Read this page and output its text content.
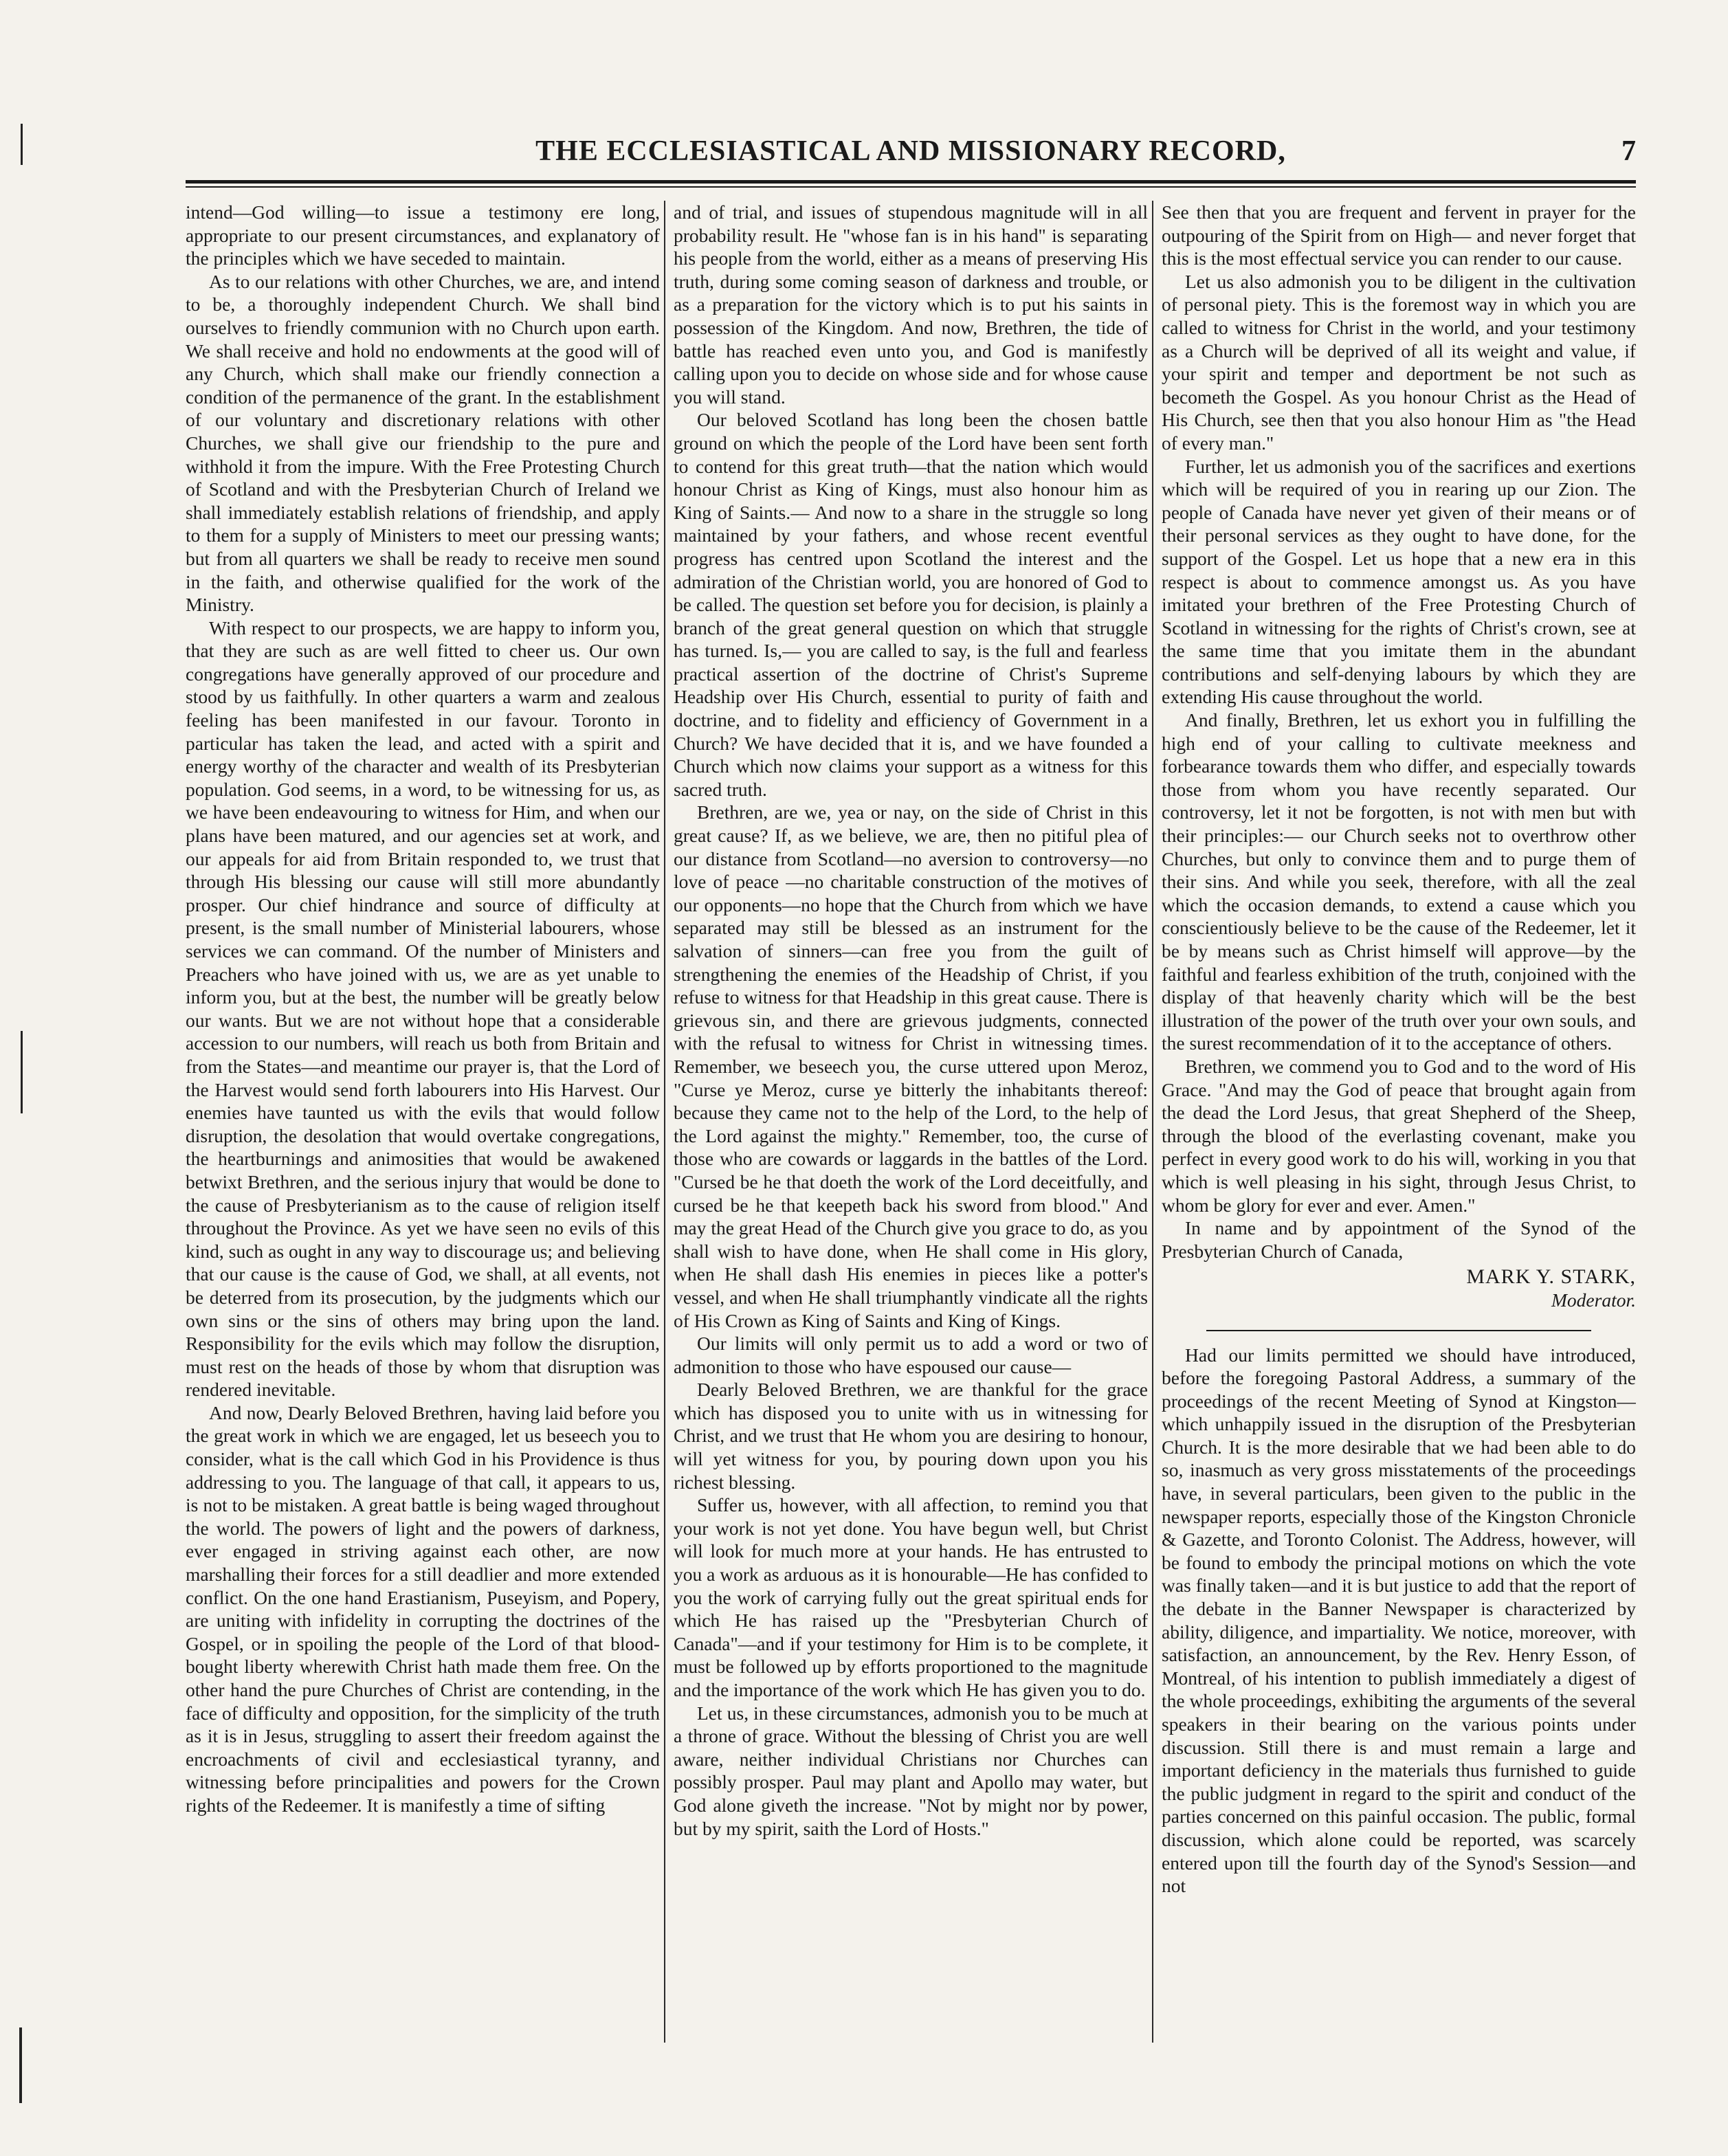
THE ECCLESIASTICAL AND MISSIONARY RECORD,	7

intend—God willing—to issue a testimony ere long, appropriate to our present circumstances, and explanatory of the principles which we have seceded to maintain.

As to our relations with other Churches, we are, and intend to be, a thoroughly independent Church. We shall bind ourselves to friendly communion with no Church upon earth. We shall receive and hold no endowments at the good will of any Church, which shall make our friendly connection a condition of the permanence of the grant. In the establishment of our voluntary and discretionary relations with other Churches, we shall give our friendship to the pure and withhold it from the impure. With the Free Protesting Church of Scotland and with the Presbyterian Church of Ireland we shall immediately establish relations of friendship, and apply to them for a supply of Ministers to meet our pressing wants; but from all quarters we shall be ready to receive men sound in the faith, and otherwise qualified for the work of the Ministry.

With respect to our prospects, we are happy to inform you, that they are such as are well fitted to cheer us. Our own congregations have generally approved of our procedure and stood by us faithfully. In other quarters a warm and zealous feeling has been manifested in our favour. Toronto in particular has taken the lead, and acted with a spirit and energy worthy of the character and wealth of its Presbyterian population. God seems, in a word, to be witnessing for us, as we have been endeavouring to witness for Him, and when our plans have been matured, and our agencies set at work, and our appeals for aid from Britain responded to, we trust that through His blessing our cause will still more abundantly prosper. Our chief hindrance and source of difficulty at present, is the small number of Ministerial labourers, whose services we can command. Of the number of Ministers and Preachers who have joined with us, we are as yet unable to inform you, but at the best, the number will be greatly below our wants. But we are not without hope that a considerable accession to our numbers, will reach us both from Britain and from the States—and meantime our prayer is, that the Lord of the Harvest would send forth labourers into His Harvest. Our enemies have taunted us with the evils that would follow disruption, the desolation that would overtake congregations, the heartburnings and animosities that would be awakened betwixt Brethren, and the serious injury that would be done to the cause of Presbyterianism as to the cause of religion itself throughout the Province. As yet we have seen no evils of this kind, such as ought in any way to discourage us; and believing that our cause is the cause of God, we shall, at all events, not be deterred from its prosecution, by the judgments which our own sins or the sins of others may bring upon the land. Responsibility for the evils which may follow the disruption, must rest on the heads of those by whom that disruption was rendered inevitable.

And now, Dearly Beloved Brethren, having laid before you the great work in which we are engaged, let us beseech you to consider, what is the call which God in his Providence is thus addressing to you. The language of that call, it appears to us, is not to be mistaken. A great battle is being waged throughout the world. The powers of light and the powers of darkness, ever engaged in striving against each other, are now marshalling their forces for a still deadlier and more extended conflict. On the one hand Erastianism, Puseyism, and Popery, are uniting with infidelity in corrupting the doctrines of the Gospel, or in spoiling the people of the Lord of that blood-bought liberty wherewith Christ hath made them free. On the other hand the pure Churches of Christ are contending, in the face of difficulty and opposition, for the simplicity of the truth as it is in Jesus, struggling to assert their freedom against the encroachments of civil and ecclesiastical tyranny, and witnessing before principalities and powers for the Crown rights of the Redeemer. It is manifestly a time of sifting

and of trial, and issues of stupendous magnitude will in all probability result. He "whose fan is in his hand" is separating his people from the world, either as a means of preserving His truth, during some coming season of darkness and trouble, or as a preparation for the victory which is to put his saints in possession of the Kingdom. And now, Brethren, the tide of battle has reached even unto you, and God is manifestly calling upon you to decide on whose side and for whose cause you will stand.

Our beloved Scotland has long been the chosen battle ground on which the people of the Lord have been sent forth to contend for this great truth—that the nation which would honour Christ as King of Kings, must also honour him as King of Saints.— And now to a share in the struggle so long maintained by your fathers, and whose recent eventful progress has centred upon Scotland the interest and the admiration of the Christian world, you are honored of God to be called. The question set before you for decision, is plainly a branch of the great general question on which that struggle has turned. Is,— you are called to say, is the full and fearless practical assertion of the doctrine of Christ's Supreme Headship over His Church, essential to purity of faith and doctrine, and to fidelity and efficiency of Government in a Church? We have decided that it is, and we have founded a Church which now claims your support as a witness for this sacred truth.

Brethren, are we, yea or nay, on the side of Christ in this great cause? If, as we believe, we are, then no pitiful plea of our distance from Scotland—no aversion to controversy—no love of peace —no charitable construction of the motives of our opponents—no hope that the Church from which we have separated may still be blessed as an instrument for the salvation of sinners—can free you from the guilt of strengthening the enemies of the Headship of Christ, if you refuse to witness for that Headship in this great cause. There is grievous sin, and there are grievous judgments, connected with the refusal to witness for Christ in witnessing times. Remember, we beseech you, the curse uttered upon Meroz, "Curse ye Meroz, curse ye bitterly the inhabitants thereof: because they came not to the help of the Lord, to the help of the Lord against the mighty." Remember, too, the curse of those who are cowards or laggards in the battles of the Lord. "Cursed be he that doeth the work of the Lord deceitfully, and cursed be he that keepeth back his sword from blood." And may the great Head of the Church give you grace to do, as you shall wish to have done, when He shall come in His glory, when He shall dash His enemies in pieces like a potter's vessel, and when He shall triumphantly vindicate all the rights of His Crown as King of Saints and King of Kings.

Our limits will only permit us to add a word or two of admonition to those who have espoused our cause—

Dearly Beloved Brethren, we are thankful for the grace which has disposed you to unite with us in witnessing for Christ, and we trust that He whom you are desiring to honour, will yet witness for you, by pouring down upon you his richest blessing.

Suffer us, however, with all affection, to remind you that your work is not yet done. You have begun well, but Christ will look for much more at your hands. He has entrusted to you a work as arduous as it is honourable—He has confided to you the work of carrying fully out the great spiritual ends for which He has raised up the "Presbyterian Church of Canada"—and if your testimony for Him is to be complete, it must be followed up by efforts proportioned to the magnitude and the importance of the work which He has given you to do.

Let us, in these circumstances, admonish you to be much at a throne of grace. Without the blessing of Christ you are well aware, neither individual Christians nor Churches can possibly prosper. Paul may plant and Apollo may water, but God alone giveth the increase. "Not by might nor by power, but by my spirit, saith the Lord of Hosts."

See then that you are frequent and fervent in prayer for the outpouring of the Spirit from on High— and never forget that this is the most effectual service you can render to our cause.

Let us also admonish you to be diligent in the cultivation of personal piety. This is the foremost way in which you are called to witness for Christ in the world, and your testimony as a Church will be deprived of all its weight and value, if your spirit and temper and deportment be not such as becometh the Gospel. As you honour Christ as the Head of His Church, see then that you also honour Him as "the Head of every man."

Further, let us admonish you of the sacrifices and exertions which will be required of you in rearing up our Zion. The people of Canada have never yet given of their means or of their personal services as they ought to have done, for the support of the Gospel. Let us hope that a new era in this respect is about to commence amongst us. As you have imitated your brethren of the Free Protesting Church of Scotland in witnessing for the rights of Christ's crown, see at the same time that you imitate them in the abundant contributions and self-denying labours by which they are extending His cause throughout the world.

And finally, Brethren, let us exhort you in fulfilling the high end of your calling to cultivate meekness and forbearance towards them who differ, and especially towards those from whom you have recently separated. Our controversy, let it not be forgotten, is not with men but with their principles:— our Church seeks not to overthrow other Churches, but only to convince them and to purge them of their sins. And while you seek, therefore, with all the zeal which the occasion demands, to extend a cause which you conscientiously believe to be the cause of the Redeemer, let it be by means such as Christ himself will approve—by the faithful and fearless exhibition of the truth, conjoined with the display of that heavenly charity which will be the best illustration of the power of the truth over your own souls, and the surest recommendation of it to the acceptance of others.

Brethren, we commend you to God and to the word of His Grace. "And may the God of peace that brought again from the dead the Lord Jesus, that great Shepherd of the Sheep, through the blood of the everlasting covenant, make you perfect in every good work to do his will, working in you that which is well pleasing in his sight, through Jesus Christ, to whom be glory for ever and ever. Amen."

In name and by appointment of the Synod of the Presbyterian Church of Canada,

MARK Y. STARK,

Moderator.

Had our limits permitted we should have introduced, before the foregoing Pastoral Address, a summary of the proceedings of the recent Meeting of Synod at Kingston—which unhappily issued in the disruption of the Presbyterian Church. It is the more desirable that we had been able to do so, inasmuch as very gross misstatements of the proceedings have, in several particulars, been given to the public in the newspaper reports, especially those of the Kingston Chronicle & Gazette, and Toronto Colonist. The Address, however, will be found to embody the principal motions on which the vote was finally taken—and it is but justice to add that the report of the debate in the Banner Newspaper is characterized by ability, diligence, and impartiality. We notice, moreover, with satisfaction, an announcement, by the Rev. Henry Esson, of Montreal, of his intention to publish immediately a digest of the whole proceedings, exhibiting the arguments of the several speakers in their bearing on the various points under discussion. Still there is and must remain a large and important deficiency in the materials thus furnished to guide the public judgment in regard to the spirit and conduct of the parties concerned on this painful occasion. The public, formal discussion, which alone could be reported, was scarcely entered upon till the fourth day of the Synod's Session—and not
